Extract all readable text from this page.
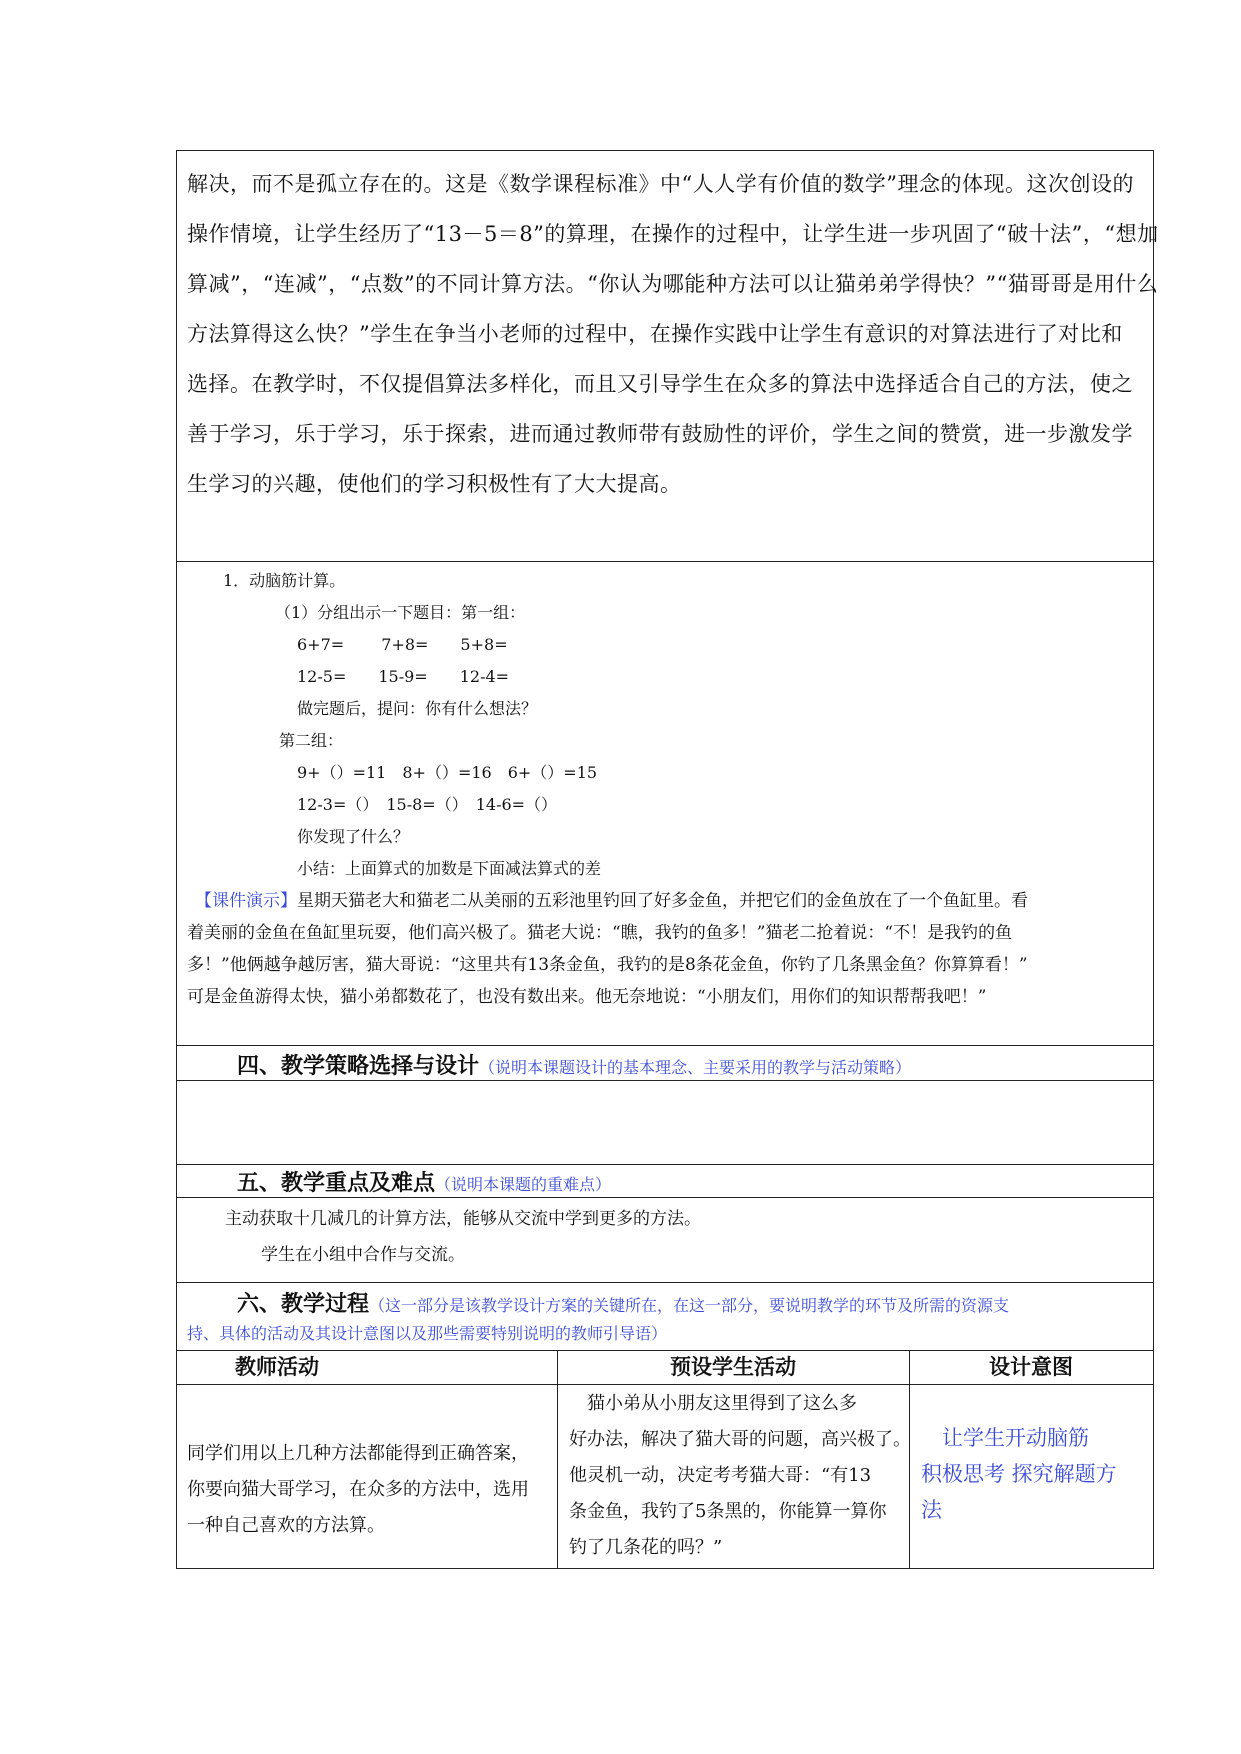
解决，而不是孤立存在的。这是《数学课程标准》中“人人学有价值的数学”理念的体现。这次创设的
操作情境，让学生经历了“13－5＝8”的算理，在操作的过程中，让学生进一步巩固了“破十法”，“想加
算减”，“连减”，“点数”的不同计算方法。“你认为哪能种方法可以让猫弟弟学得快？”“猫哥哥是用什么
方法算得这么快？”学生在争当小老师的过程中，在操作实践中让学生有意识的对算法进行了对比和
选择。在教学时，不仅提倡算法多样化，而且又引导学生在众多的算法中选择适合自己的方法，使之
善于学习，乐于学习，乐于探索，进而通过教师带有鼓励性的评价，学生之间的赞赏，进一步激发学
生学习的兴趣，使他们的学习积极性有了大大提高。
1．动脑筋计算。
（1）分组出示一下题目：第一组：
6+7=　　 7+8=　　5+8=
12-5=　　15-9=　　12-4=
做完题后，提问：你有什么想法？
第二组：
9+（）=11　8+（）=16　6+（）=15
12-3=（）　15-8=（）　14-6=（）
你发现了什么？
小结：上面算式的加数是下面减法算式的差
【课件演示】星期天猫老大和猫老二从美丽的五彩池里钓回了好多金鱼，并把它们的金鱼放在了一个鱼缸里。看
着美丽的金鱼在鱼缸里玩耍，他们高兴极了。猫老大说：“瞧，我钓的鱼多！”猫老二抢着说：“不！是我钓的鱼
多！”他俩越争越厉害，猫大哥说：“这里共有13条金鱼，我钓的是8条花金鱼，你钓了几条黑金鱼？你算算看！”
可是金鱼游得太快，猫小弟都数花了，也没有数出来。他无奈地说：“小朋友们，用你们的知识帮帮我吧！”
四、教学策略选择与设计（说明本课题设计的基本理念、主要采用的教学与活动策略）
五、教学重点及难点（说明本课题的重难点）
主动获取十几减几的计算方法，能够从交流中学到更多的方法。
学生在小组中合作与交流。
六、教学过程（这一部分是该教学设计方案的关键所在，在这一部分，要说明教学的环节及所需的资源支
持、具体的活动及其设计意图以及那些需要特别说明的教师引导语）
教师活动	预设学生活动	设计意图
同学们用以上几种方法都能得到正确答案，
你要向猫大哥学习，在众多的方法中，选用
一种自己喜欢的方法算。
　猫小弟从小朋友这里得到了这么多
好办法，解决了猫大哥的问题，高兴极了。
他灵机一动，决定考考猫大哥：“有13
条金鱼，我钓了5条黑的，你能算一算你
钓了几条花的吗？”
　让学生开动脑筋
积极思考 探究解题方
法
